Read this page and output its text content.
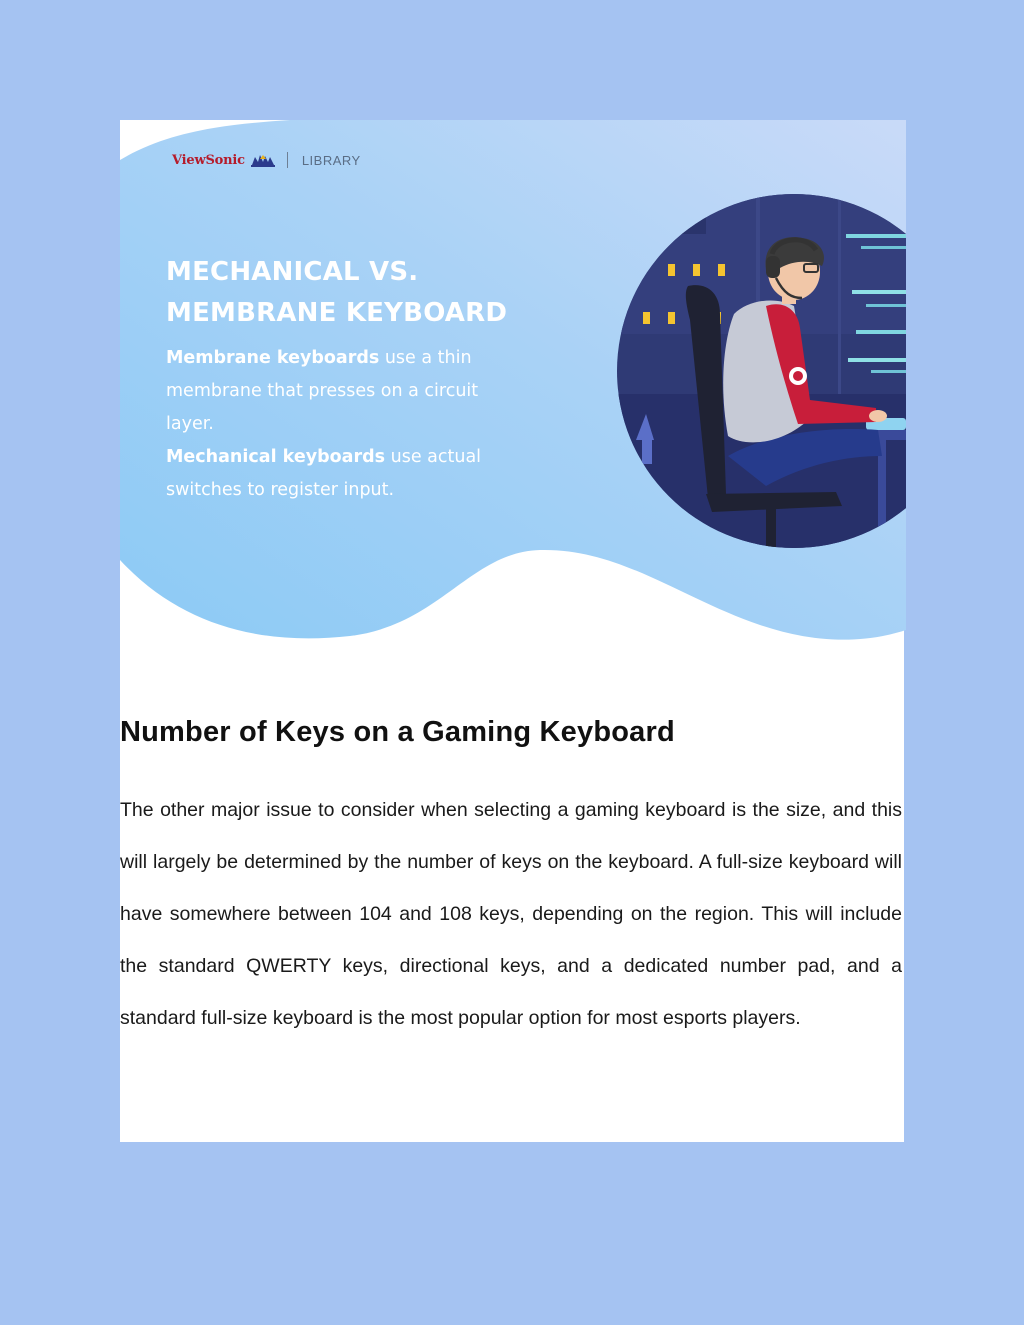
ViewSonic	LIBRARY
MECHANICAL VS.
MEMBRANE KEYBOARD

Membrane keyboards use a thin membrane that presses on a circuit layer.
Mechanical keyboards use actual switches to register input.

Number of Keys on a Gaming Keyboard

The other major issue to consider when selecting a gaming keyboard is the size, and this will largely be determined by the number of keys on the keyboard. A full-size keyboard will have somewhere between 104 and 108 keys, depending on the region. This will include the standard QWERTY keys, directional keys, and a dedicated number pad, and a standard full-size keyboard is the most popular option for most esports players.
